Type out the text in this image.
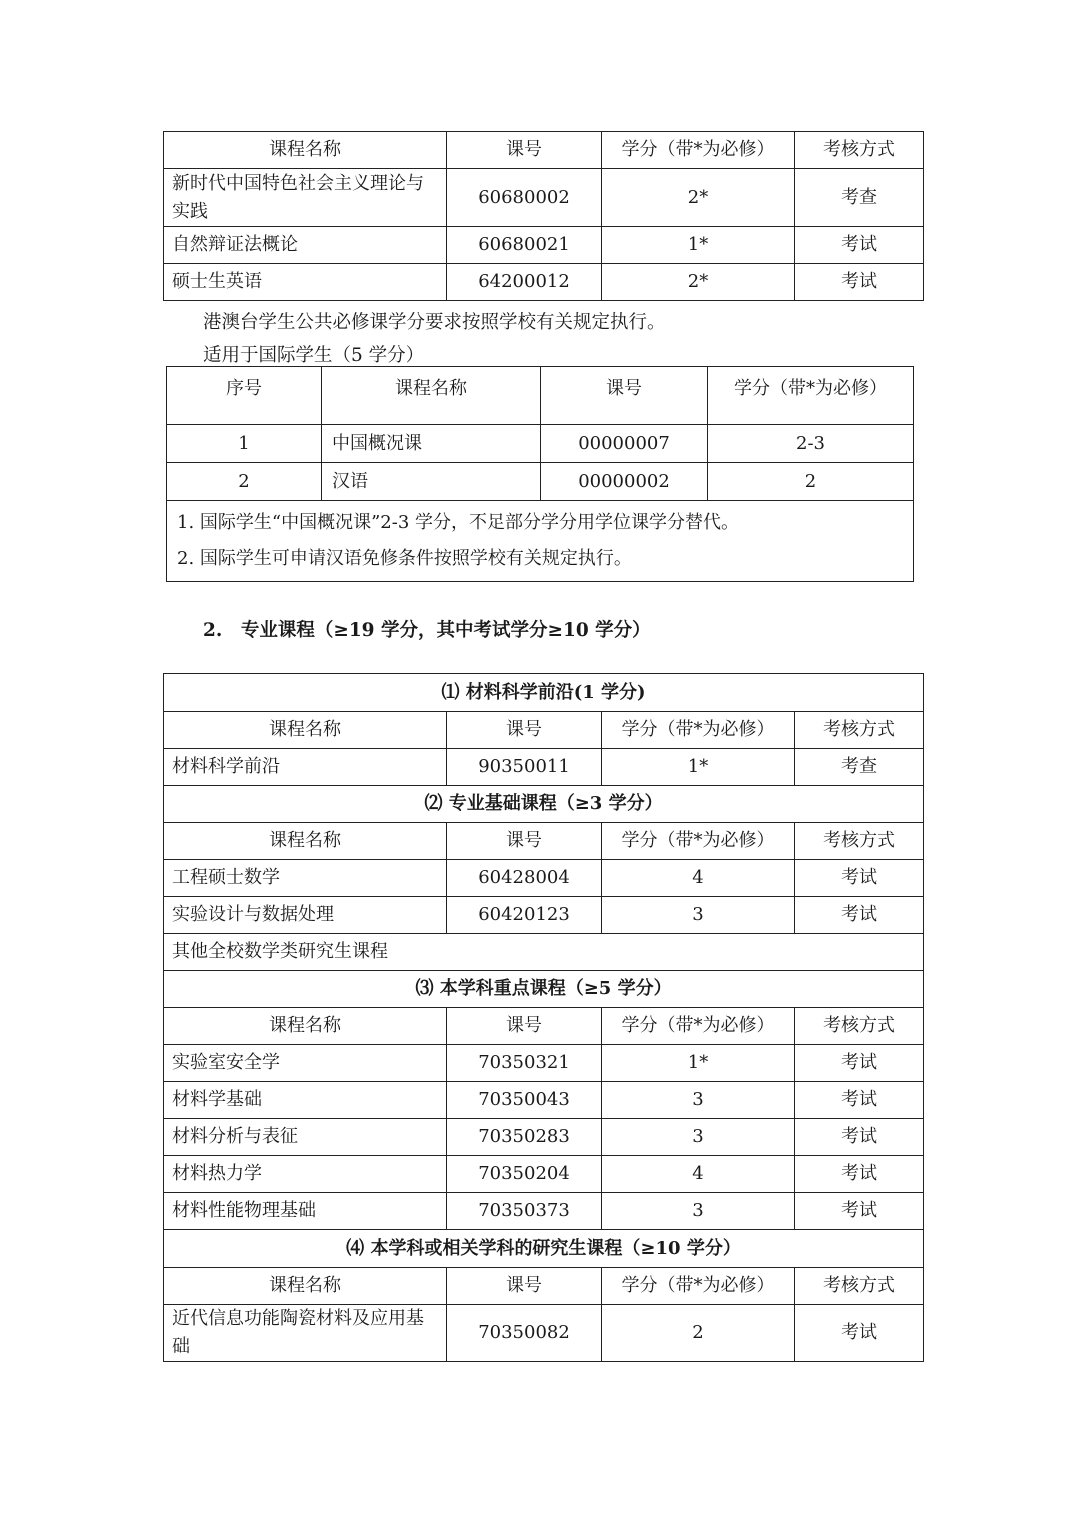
课程名称	课号	学分（带*为必修）	考核方式
新时代中国特色社会主义理论与实践	60680002	2*	考查
自然辩证法概论	60680021	1*	考试
硕士生英语	64200012	2*	考试
港澳台学生公共必修课学分要求按照学校有关规定执行。
适用于国际学生（5 学分）
序号	课程名称	课号	学分（带*为必修）
1	中国概况课	00000007	2-3
2	汉语	00000002	2

1. 国际学生“中国概况课”2-3 学分，不足部分学分用学位课学分替代。
2. 国际学生可申请汉语免修条件按照学校有关规定执行。			
2.　专业课程（≥19 学分，其中考试学分≥10 学分）
⑴ 材料科学前沿(1 学分)			
课程名称	课号	学分（带*为必修）	考核方式
材料科学前沿	90350011	1*	考查
⑵ 专业基础课程（≥3 学分）			
课程名称	课号	学分（带*为必修）	考核方式
工程硕士数学	60428004	4	考试
实验设计与数据处理	60420123	3	考试
其他全校数学类研究生课程			
⑶ 本学科重点课程（≥5 学分）			
课程名称	课号	学分（带*为必修）	考核方式
实验室安全学	70350321	1*	考试
材料学基础	70350043	3	考试
材料分析与表征	70350283	3	考试
材料热力学	70350204	4	考试
材料性能物理基础	70350373	3	考试
⑷ 本学科或相关学科的研究生课程（≥10 学分）			
课程名称	课号	学分（带*为必修）	考核方式
近代信息功能陶瓷材料及应用基础	70350082	2	考试
